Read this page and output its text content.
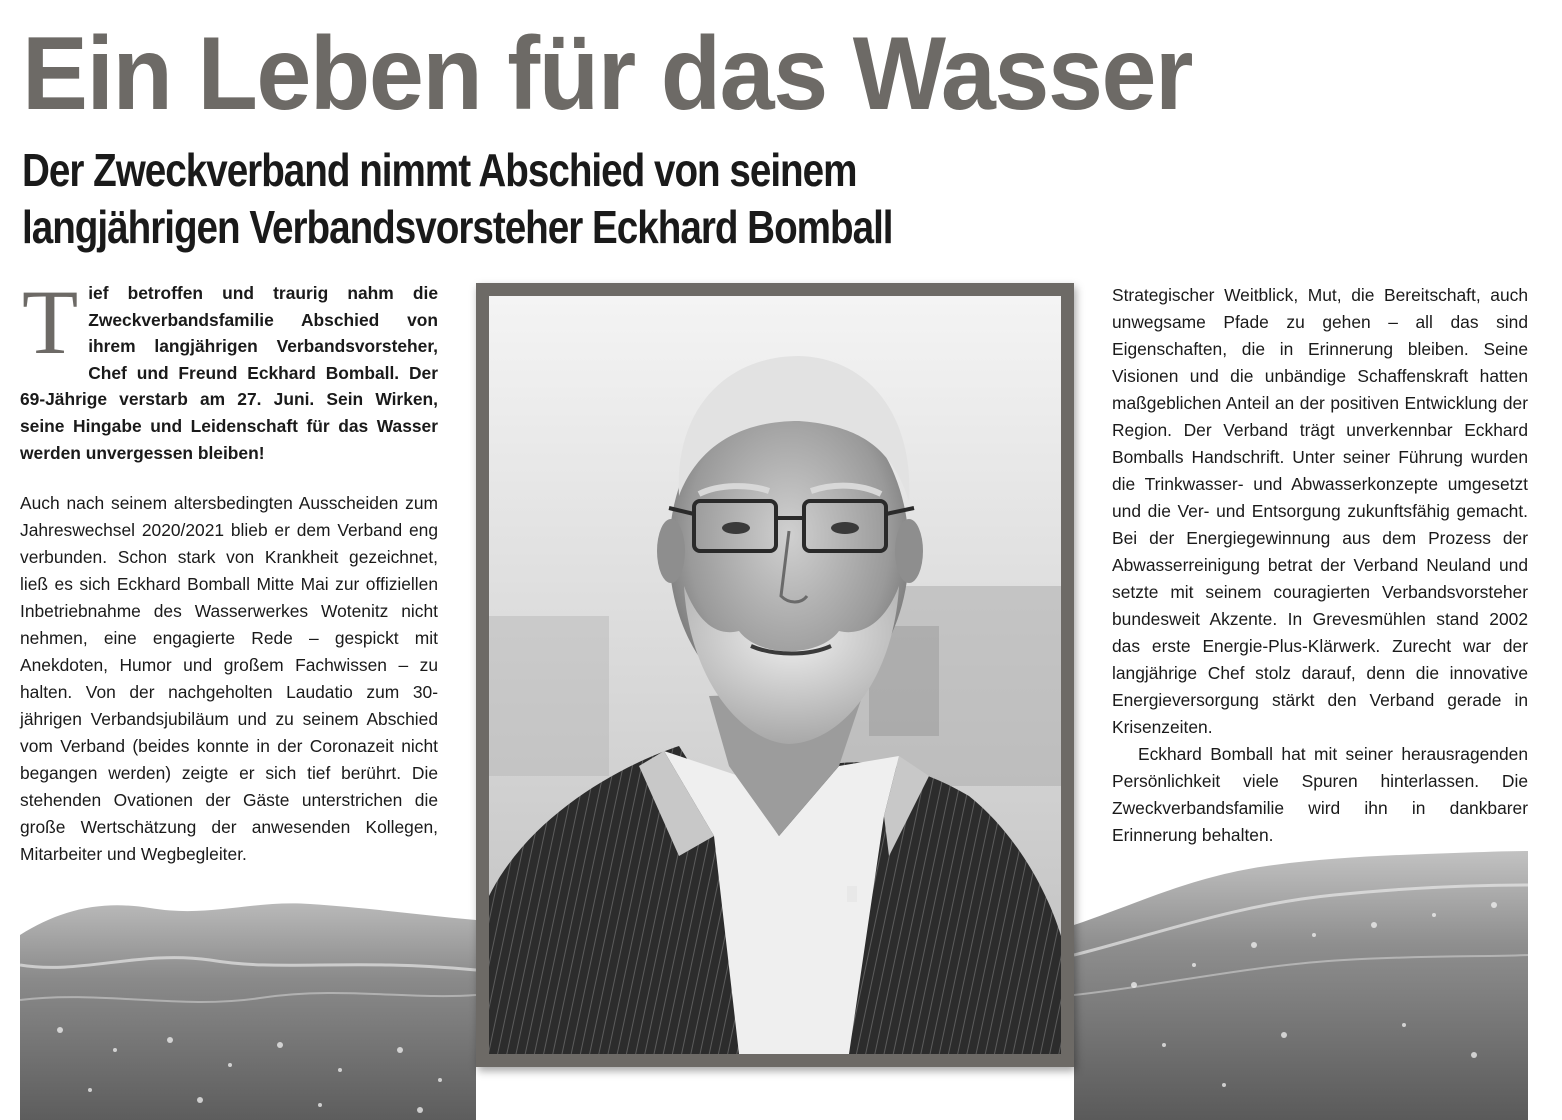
Ein Leben für das Wasser
Der Zweckverband nimmt Abschied von seinem
langjährigen Verbandsvorsteher Eckhard Bomball

Tief betroffen und traurig nahm die Zweckverbandsfamilie Abschied von ihrem langjährigen Verbandsvorsteher, Chef und Freund Eckhard Bomball. Der 69-Jährige verstarb am 27. Juni. Sein Wirken, seine Hingabe und Leidenschaft für das Wasser werden unvergessen bleiben!

Auch nach seinem altersbedingten Ausscheiden zum Jahreswechsel 2020/2021 blieb er dem Verband eng verbunden. Schon stark von Krankheit gezeichnet, ließ es sich Eckhard Bomball Mitte Mai zur offiziellen Inbetriebnahme des Wasserwerkes Wotenitz nicht nehmen, eine engagierte Rede – gespickt mit Anekdoten, Humor und großem Fachwissen – zu halten. Von der nachgeholten Laudatio zum 30-jährigen Verbandsjubiläum und zu seinem Abschied vom Verband (beides konnte in der Coronazeit nicht begangen werden) zeigte er sich tief berührt. Die stehenden Ovationen der Gäste unterstrichen die große Wertschätzung der anwesenden Kollegen, Mitarbeiter und Wegbegleiter.

Strategischer Weitblick, Mut, die Bereitschaft, auch unwegsame Pfade zu gehen – all das sind Eigenschaften, die in Erinnerung bleiben. Seine Visionen und die unbändige Schaffenskraft hatten maßgeblichen Anteil an der positiven Entwicklung der Region. Der Verband trägt unverkennbar Eckhard Bomballs Handschrift. Unter seiner Führung wurden die Trinkwasser- und Abwasserkonzepte umgesetzt und die Ver- und Entsorgung zukunftsfähig gemacht. Bei der Energiegewinnung aus dem Prozess der Abwasserreinigung betrat der Verband Neuland und setzte mit seinem couragierten Verbandsvorsteher bundesweit Akzente. In Grevesmühlen stand 2002 das erste Energie-Plus-Klärwerk. Zurecht war der langjährige Chef stolz darauf, denn die innovative Energieversorgung stärkt den Verband gerade in Krisenzeiten.

Eckhard Bomball hat mit seiner herausragenden Persönlichkeit viele Spuren hinterlassen. Die Zweckverbandsfamilie wird ihn in dankbarer Erinnerung behalten.
